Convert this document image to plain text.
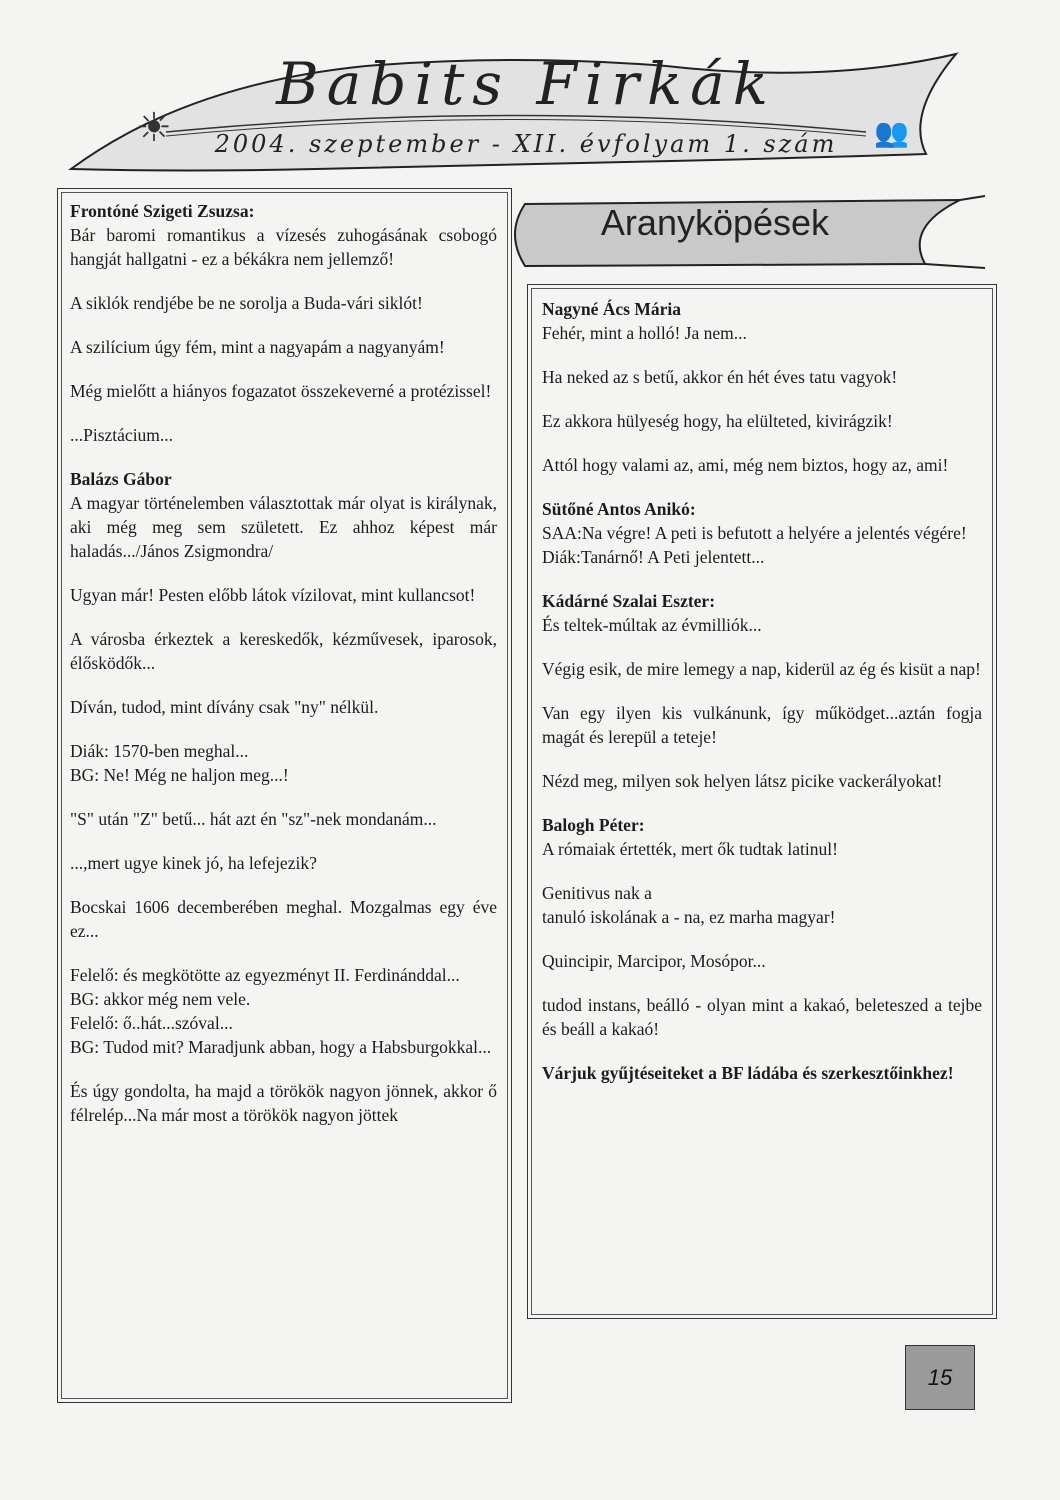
☀
Babits Firkák
2004. szeptember - XII. évfolyam 1. szám	👥

Frontóné Szigeti Zsuzsa:

Bár baromi romantikus a vízesés zuhogásának csobogó hangját hallgatni - ez a békákra nem jellemző!

A siklók rendjébe be ne sorolja a Buda-vári siklót!

A szilícium úgy fém, mint a nagyapám a nagyanyám!

Még mielőtt a hiányos fogazatot összekeverné a protézissel!

...Pisztácium...

Balázs Gábor

A magyar történelemben választottak már olyat is királynak, aki még meg sem született. Ez ahhoz képest már haladás.../János Zsigmondra/

Ugyan már! Pesten előbb látok vízilovat, mint kullancsot!

A városba érkeztek a kereskedők, kézművesek, iparosok, élősködők...

Díván, tudod, mint dívány csak "ny" nélkül.

Diák: 1570-ben meghal...

BG: Ne! Még ne haljon meg...!

"S" után "Z" betű... hát azt én "sz"-nek mondanám...

...,mert ugye kinek jó, ha lefejezik?

Bocskai 1606 decemberében meghal. Mozgalmas egy éve ez...

Felelő: és megkötötte az egyezményt II. Ferdinánddal...

BG: akkor még nem vele.

Felelő: ő..hát...szóval...

BG: Tudod mit? Maradjunk abban, hogy a Habsburgokkal...

És úgy gondolta, ha majd a törökök nagyon jönnek, akkor ő félrelép...Na már most a törökök nagyon jöttek

Aranyköpések

Nagyné Ács Mária

Fehér, mint a holló! Ja nem...

Ha neked az s betű, akkor én hét éves tatu vagyok!

Ez akkora hülyeség hogy, ha elülteted, kivirágzik!

Attól hogy valami az, ami, még nem biztos, hogy az, ami!

Sütőné Antos Anikó:

SAA:Na végre! A peti is befutott a helyére a jelentés végére!

Diák:Tanárnő! A Peti jelentett...

Kádárné Szalai Eszter:

És teltek-múltak az évmilliók...

Végig esik, de mire lemegy a nap, kiderül az ég és kisüt a nap!

Van egy ilyen kis vulkánunk, így működget...aztán fogja magát és lerepül a teteje!

Nézd meg, milyen sok helyen látsz picike vackerályokat!

Balogh Péter:

A rómaiak értették, mert ők tudtak latinul!

Genitivus nak a

tanuló iskolának a - na, ez marha magyar!

Quincipir, Marcipor, Mosópor...

tudod instans, beálló - olyan mint a kakaó, beleteszed a tejbe és beáll a kakaó!

Várjuk gyűjtéseiteket a BF ládába és szerkesztőinkhez!

15
